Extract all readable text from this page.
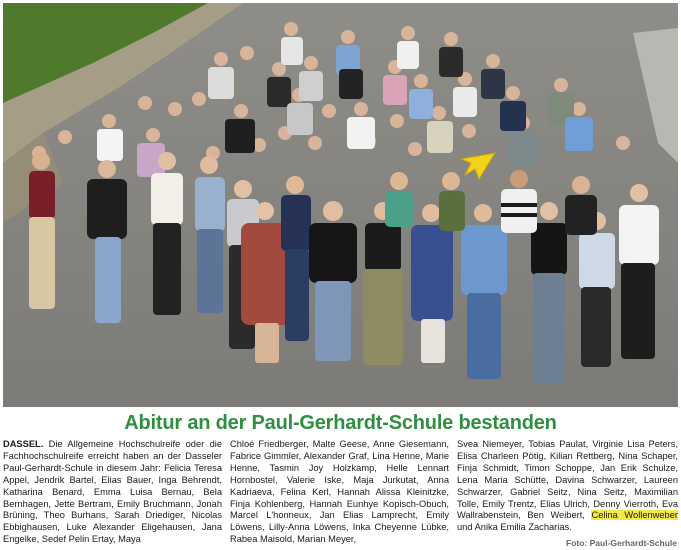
Abitur an der Paul-Gerhardt-Schule bestanden

DASSEL. Die Allgemeine Hochschulreife oder die Fachhochschulreife erreicht haben an der Dasseler Paul-Gerhardt-Schule in diesem Jahr: Felicia Teresa Appel, Jendrik Bartel, Elias Bauer, Inga Behrendt, Katharina Benard, Emma Luisa Bernau, Bela Bernhagen, Jette Bertram, Emily Bruchmann, Jonah Brüning, Theo Burhans, Sarah Driediger, Nicolas Ebbighausen, Luke Alexander Eligehausen, Jana Engelke, Sedef Pelin Ertay, Maya

Chloé Friedberger, Malte Geese, Anne Giesemann, Fabrice Gimmler, Alexander Graf, Lina Henne, Marie Henne, Tasmin Joy Holzkamp, Helle Lennart Hornbostel, Valerie Iske, Maja Jurkutat, Anna Kadriaeva, Felina Kerl, Hannah Alissa Kleinitzke, Finja Kohlenberg, Hannah Eunhye Kopisch-Obuch, Marcel L'honneux, Jan Elias Lamprecht, Emily Löwens, Lilly-Anna Löwens, Inka Cheyenne Lübke, Rabea Maisold, Marian Meyer,

Svea Niemeyer, Tobias Paulat, Virginie Lisa Peters, Elisa Charleen Pötig, Kilian Rettberg, Nina Schaper, Finja Schmidt, Timon Schoppe, Jan Erik Schulze, Lena Maria Schütte, Davina Schwarzer, Laureen Schwarzer, Gabriel Seitz, Nina Seitz, Maximilian Tolle, Emily Trentz, Elias Ulrich, Denny Vierroth, Eva Wallrabenstein, Ben Weibert, Celina Wollenweber und Anika Emilia Zacharias.

Foto: Paul-Gerhardt-Schule
